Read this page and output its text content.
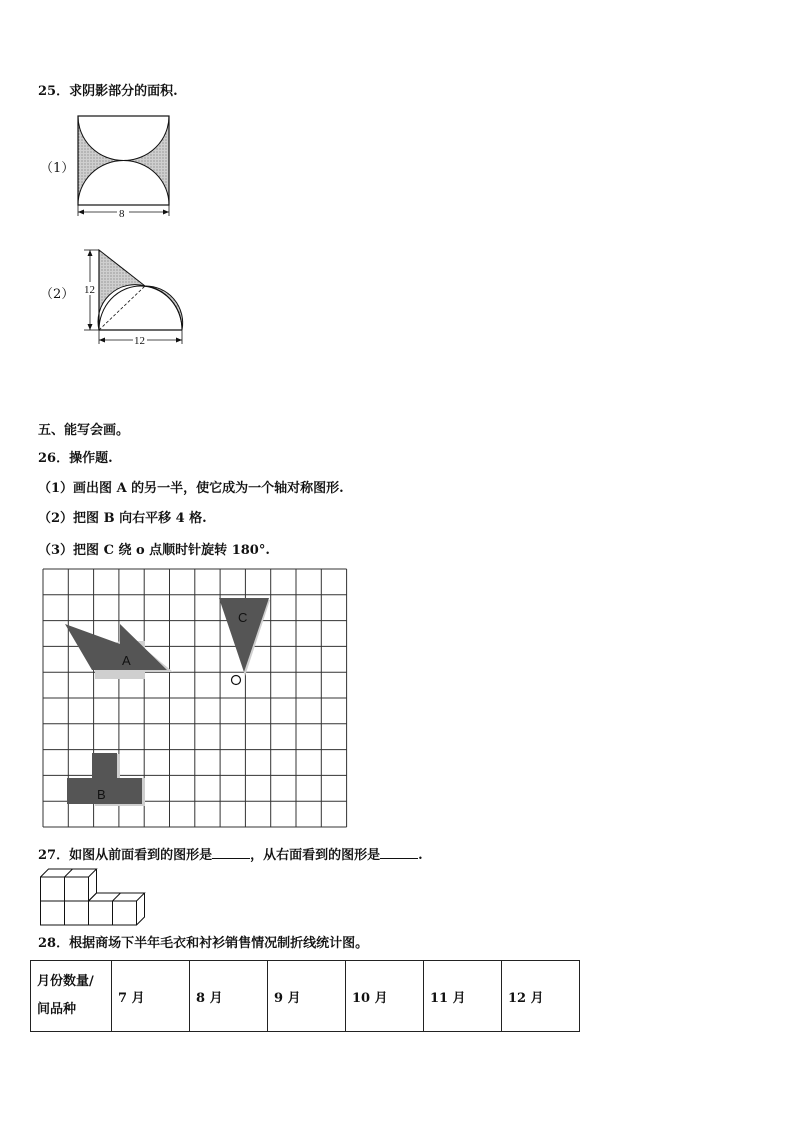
25．求阴影部分的面积.
（1）
8
（2） 12
12
五、能写会画。
26．操作题.
（1）画出图 A 的另一半，使它成为一个轴对称图形.
（2）把图 B 向右平移 4 格.
（3）把图 C 绕 o 点顺时针旋转 180°.
A
B
C
27．如图从前面看到的图形是	，从右面看到的图形是	.
28．根据商场下半年毛衣和衬衫销售情况制折线统计图。
月份数量/
间品种
	7 月	8 月	9 月	10 月	11 月	12 月
